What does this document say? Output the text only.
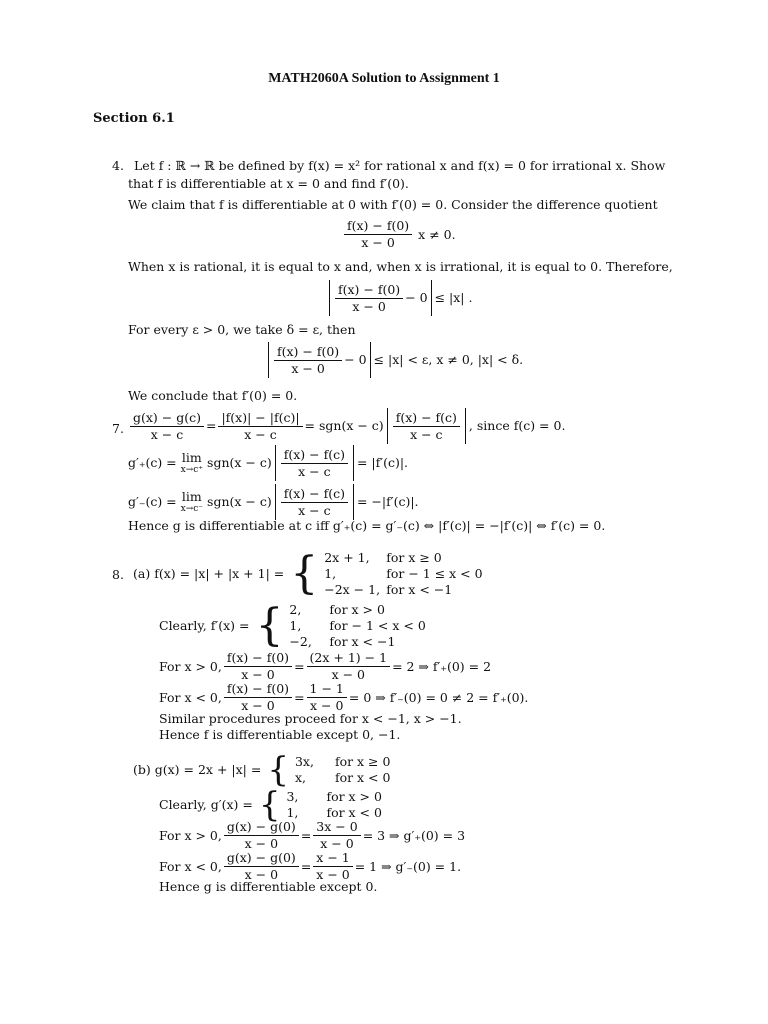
MATH2060A Solution to Assignment 1
Section 6.1
4. Let f : ℝ → ℝ be defined by f(x) = x² for rational x and f(x) = 0 for irrational x. Show
that f is differentiable at x = 0 and find f′(0).
We claim that f is differentiable at 0 with f′(0) = 0. Consider the difference quotient
$\frac{f(x) - f(0)}{x - 0}$ x ≠ 0.
When x is rational, it is equal to x and, when x is irrational, it is equal to 0. Therefore,
$\frac{f(x) - f(0)}{x - 0} - 0 \le |x|$ .
For every ε > 0, we take δ = ε, then
$\frac{f(x) - f(0)}{x - 0} - 0 \le |x| < \varepsilon$, x ≠ 0, |x| < δ.
We conclude that f′(0) = 0.
7. $\frac{g(x) - g(c)}{x - c} = \frac{|f(x)| - |f(c)|}{x - c} = sgn(x - c) \frac{f(x) - f(c)}{x - c}$ , since f(c) = 0.
g′₊(c) = lim
x→c⁺ $sgn(x - c) \frac{f(x) - f(c)}{x - c} = |f'(c)|$.
g′₋(c) = lim
x→c⁻ $sgn(x - c) \frac{f(x) - f(c)}{x - c} = -|f'(c)|$.
Hence g is differentiable at c iff g′₊(c) = g′₋(c) ⇔ |f′(c)| = −|f′(c)| ⇔ f′(c) = 0.
8. (a) f(x) = |x| + |x + 1| = { 2x + 1, for x ≥ 0
1,	for − 1 ≤ x < 0
−2x − 1, for x < −1
Clearly, f′(x) = { 2, for x > 0
1, for − 1 < x < 0
−2, for x < −1
For x > 0, $\frac{f(x) - f(0)}{x - 0} = \frac{(2x + 1) - 1}{x - 0} = 2$ ⇒ f′₊(0) = 2
For x < 0, $\frac{f(x) - f(0)}{x - 0} = \frac{1 - 1}{x - 0} = 0$ ⇒ f′₋(0) = 0 ≠ 2 = f′₊(0).
Similar procedures proceed for x < −1, x > −1.
Hence f is differentiable except 0, −1.
(b) g(x) = 2x + |x| = { 3x, for x ≥ 0
x, for x < 0
Clearly, g′(x) = { 3, for x > 0
1, for x < 0
For x > 0, $\frac{g(x) - g(0)}{x - 0} = \frac{3x - 0}{x - 0} = 3$ ⇒ g′₊(0) = 3
For x < 0, $\frac{g(x) - g(0)}{x - 0} = \frac{x - 1}{x - 0} = 1$ ⇒ g′₋(0) = 1.
Hence g is differentiable except 0.
